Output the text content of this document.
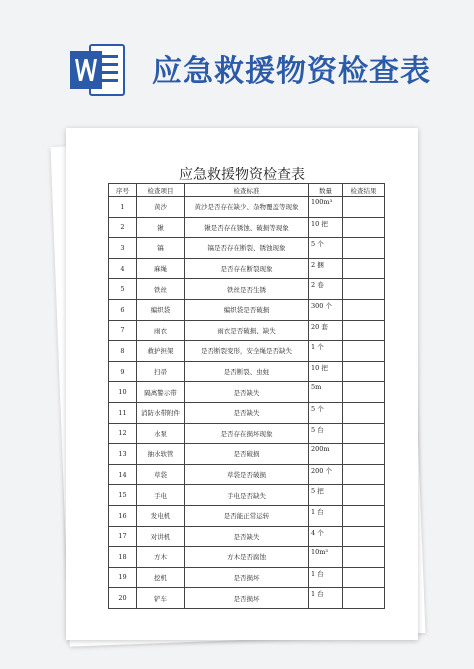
应急救援物资检查表
应急救援物资检查表
序号	检查项目	检查标准	数量	检查结果
1	黄沙	黄沙是否存在缺少、杂物覆盖等现象	100m³	
2	锹	锹是否存在锈蚀、破损等现象	10 把	
3	镐	镐是否存在断裂、锈蚀现象	5 个	
4	麻绳	是否存在断裂现象	2 捆	
5	铁丝	铁丝是否生锈	2 卷	
6	编织袋	编织袋是否破损	300 个	
7	雨衣	雨衣是否破损、缺失	20 套	
8	救护担架	是否断裂变形，安全绳是否缺失	1 个	
9	扫帚	是否断裂、虫蛀	10 把	
10	隔离警示带	是否缺失	5m	
11	消防水带附件	是否缺失	5 个	
12	水泵	是否存在损坏现象	5 台	
13	抽水软管	是否破损	200m	
14	草袋	草袋是否破损	200 个	
15	手电	手电是否缺失	5 把	
16	发电机	是否能正常运转	1 台	
17	对讲机	是否缺失	4 个	
18	方木	方木是否腐蚀	10m³	
19	挖机	是否损坏	1 台	
20	铲车	是否损坏	1 台	
